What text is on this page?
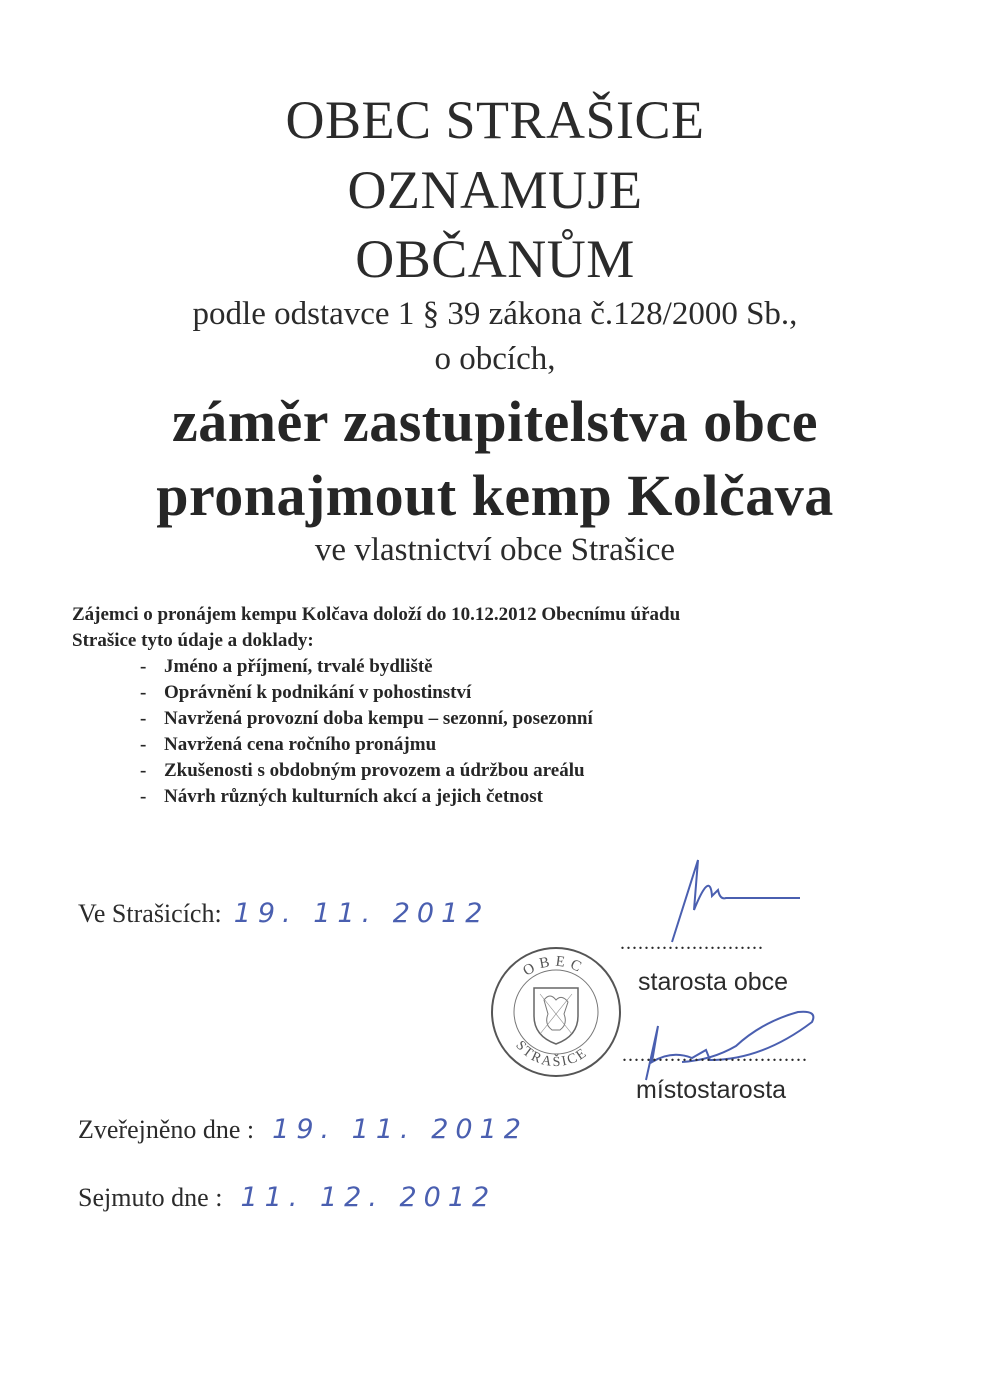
OBEC STRAŠICE
OZNAMUJE
OBČANŮM
podle odstavce 1 § 39 zákona č.128/2000 Sb.,
o obcích,
záměr zastupitelstva obce
pronajmout kemp Kolčava
ve vlastnictví obce Strašice
Zájemci o pronájem kempu Kolčava doloží do 10.12.2012 Obecnímu úřadu
Strašice tyto údaje a doklady:
- Jméno a příjmení, trvalé bydliště
- Oprávnění k podnikání v pohostinství
- Navržená provozní doba kempu – sezonní, posezonní
- Navržená cena ročního pronájmu
- Zkušenosti s obdobným provozem a údržbou areálu
- Návrh různých kulturních akcí a jejich četnost
Ve Strašicích: 19. 11. 2012
........................
starosta obce
OBEC
STRAŠICE ...............................
místostarosta
Zveřejněno dne : 19. 11. 2012
Sejmuto dne : 11. 12. 2012
